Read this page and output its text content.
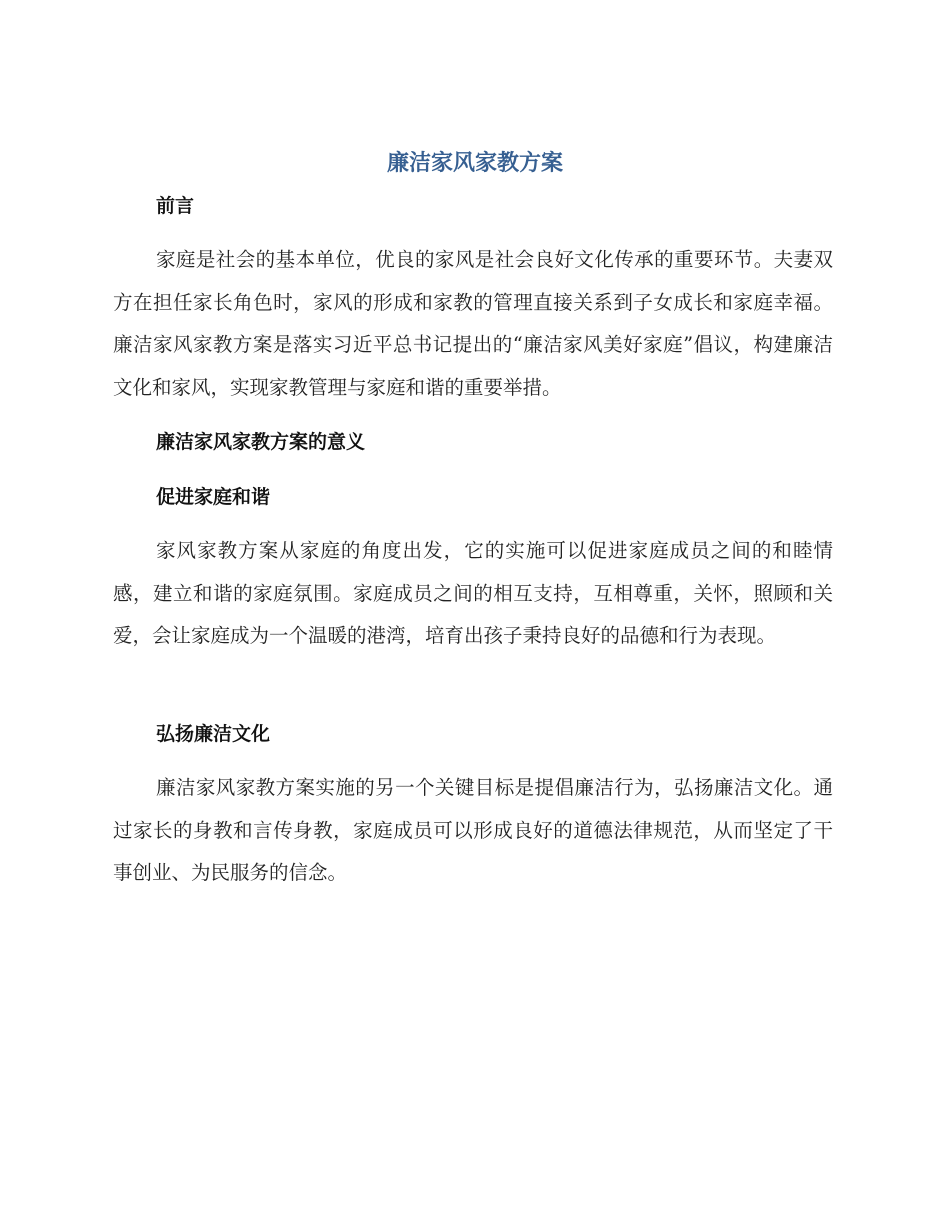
廉洁家风家教方案
前言

家庭是社会的基本单位，优良的家风是社会良好文化传承的重要环节。夫妻双方在担任家长角色时，家风的形成和家教的管理直接关系到子女成长和家庭幸福。廉洁家风家教方案是落实习近平总书记提出的“廉洁家风美好家庭”倡议，构建廉洁文化和家风，实现家教管理与家庭和谐的重要举措。

廉洁家风家教方案的意义
促进家庭和谐

家风家教方案从家庭的角度出发，它的实施可以促进家庭成员之间的和睦情感，建立和谐的家庭氛围。家庭成员之间的相互支持，互相尊重，关怀，照顾和关爱，会让家庭成为一个温暖的港湾，培育出孩子秉持良好的品德和行为表现。

弘扬廉洁文化

廉洁家风家教方案实施的另一个关键目标是提倡廉洁行为，弘扬廉洁文化。通过家长的身教和言传身教，家庭成员可以形成良好的道德法律规范，从而坚定了干事创业、为民服务的信念。
